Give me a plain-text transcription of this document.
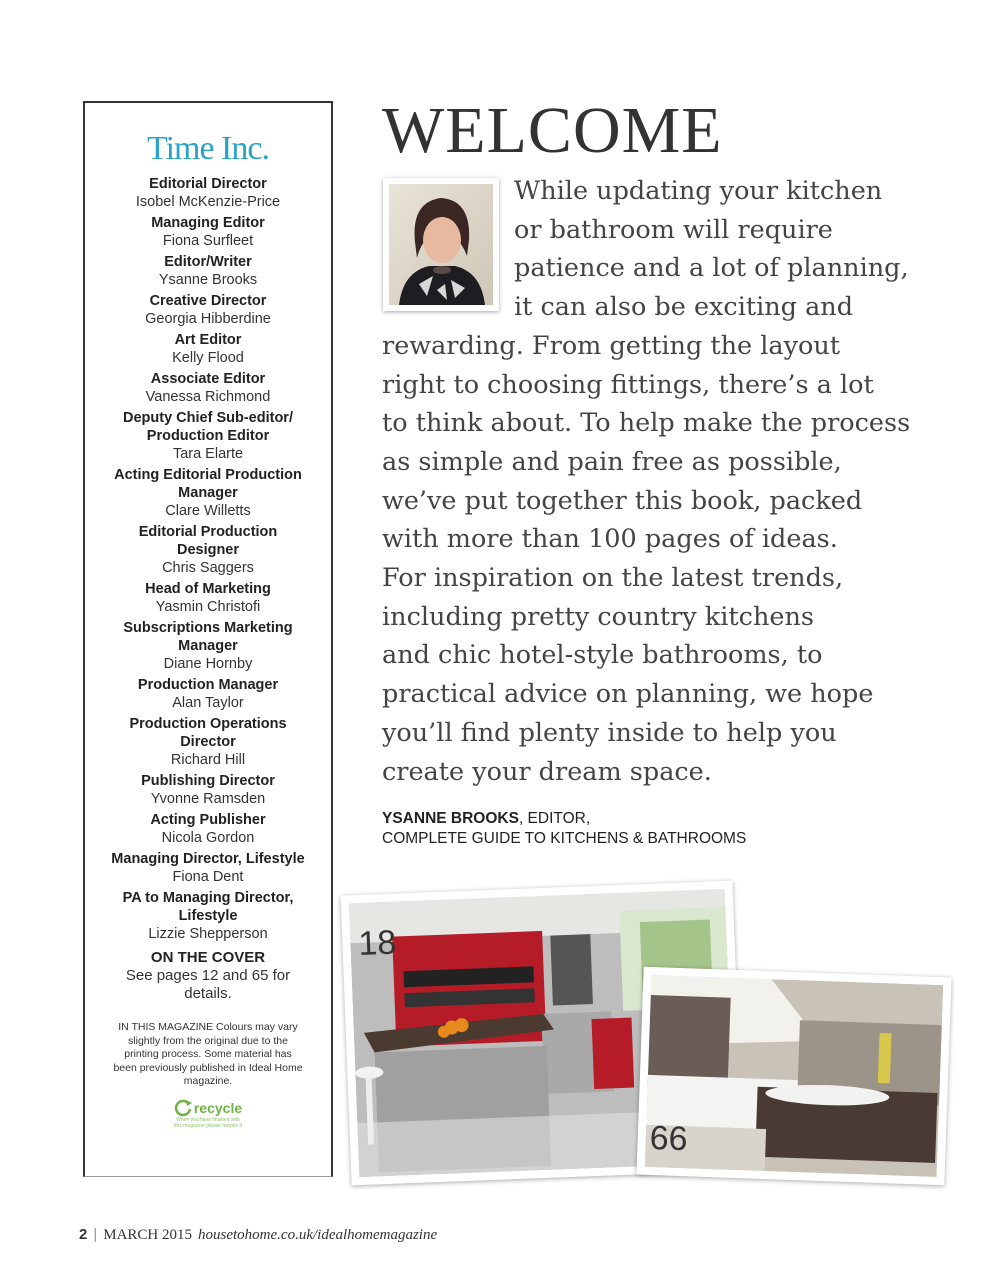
Time Inc.
Editorial Director
Isobel McKenzie-Price
Managing Editor
Fiona Surfleet
Editor/Writer
Ysanne Brooks
Creative Director
Georgia Hibberdine
Art Editor
Kelly Flood
Associate Editor
Vanessa Richmond
Deputy Chief Sub-editor/ Production Editor
Tara Elarte
Acting Editorial Production Manager
Clare Willetts
Editorial Production Designer
Chris Saggers
Head of Marketing
Yasmin Christofi
Subscriptions Marketing Manager
Diane Hornby
Production Manager
Alan Taylor
Production Operations Director
Richard Hill
Publishing Director
Yvonne Ramsden
Acting Publisher
Nicola Gordon
Managing Director, Lifestyle
Fiona Dent
PA to Managing Director, Lifestyle
Lizzie Shepperson
ON THE COVER
See pages 12 and 65 for details.
IN THIS MAGAZINE Colours may vary slightly from the original due to the printing process. Some material has been previously published in Ideal Home magazine.
recycle
When you have finished with this magazine please recycle it
WELCOME
While updating your kitchen
or bathroom will require
patience and a lot of planning,
it can also be exciting and
rewarding. From getting the layout
right to choosing fittings, there’s a lot
to think about. To help make the process
as simple and pain free as possible,
we’ve put together this book, packed
with more than 100 pages of ideas.
For inspiration on the latest trends,
including pretty country kitchens
and chic hotel-style bathrooms, to
practical advice on planning, we hope
you’ll find plenty inside to help you
create your dream space.
YSANNE BROOKS, EDITOR,
COMPLETE GUIDE TO KITCHENS & BATHROOMS
18
66
2 | MARCH 2015 housetohome.co.uk/idealhomemagazine
